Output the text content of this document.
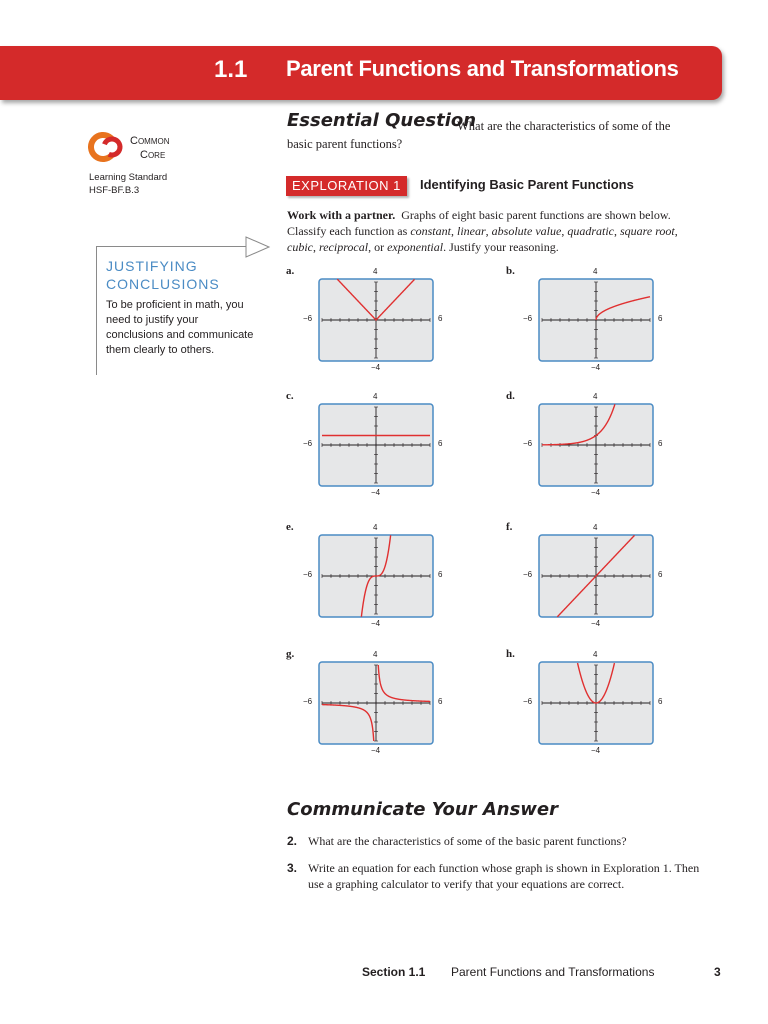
1.1 Parent Functions and Transformations
Essential Question
What are the characteristics of some of the
basic parent functions?
Common
Core
Learning Standard
HSF-BF.B.3
JUSTIFYING
CONCLUSIONS
To be proficient in math, you need to justify your conclusions and communicate them clearly to others.
EXPLORATION 1	Identifying Basic Parent Functions
Work with a partner. Graphs of eight basic parent functions are shown below. Classify each function as constant, linear, absolute value, quadratic, square root, cubic, reciprocal, or exponential. Justify your reasoning.
a.	4
−4
−6	6
b.	4
−4
−6	6
c.	4
−4
−6	6
d.	4
−4
−6	6
e.	4
−4
−6	6
f.	4
−4
−6	6
g.	4
−4
−6	6
h.	4
−4
−6	6
Communicate Your Answer
2. What are the characteristics of some of the basic parent functions?
3. Write an equation for each function whose graph is shown in Exploration 1. Then use a graphing calculator to verify that your equations are correct.
Section 1.1 Parent Functions and Transformations	3
